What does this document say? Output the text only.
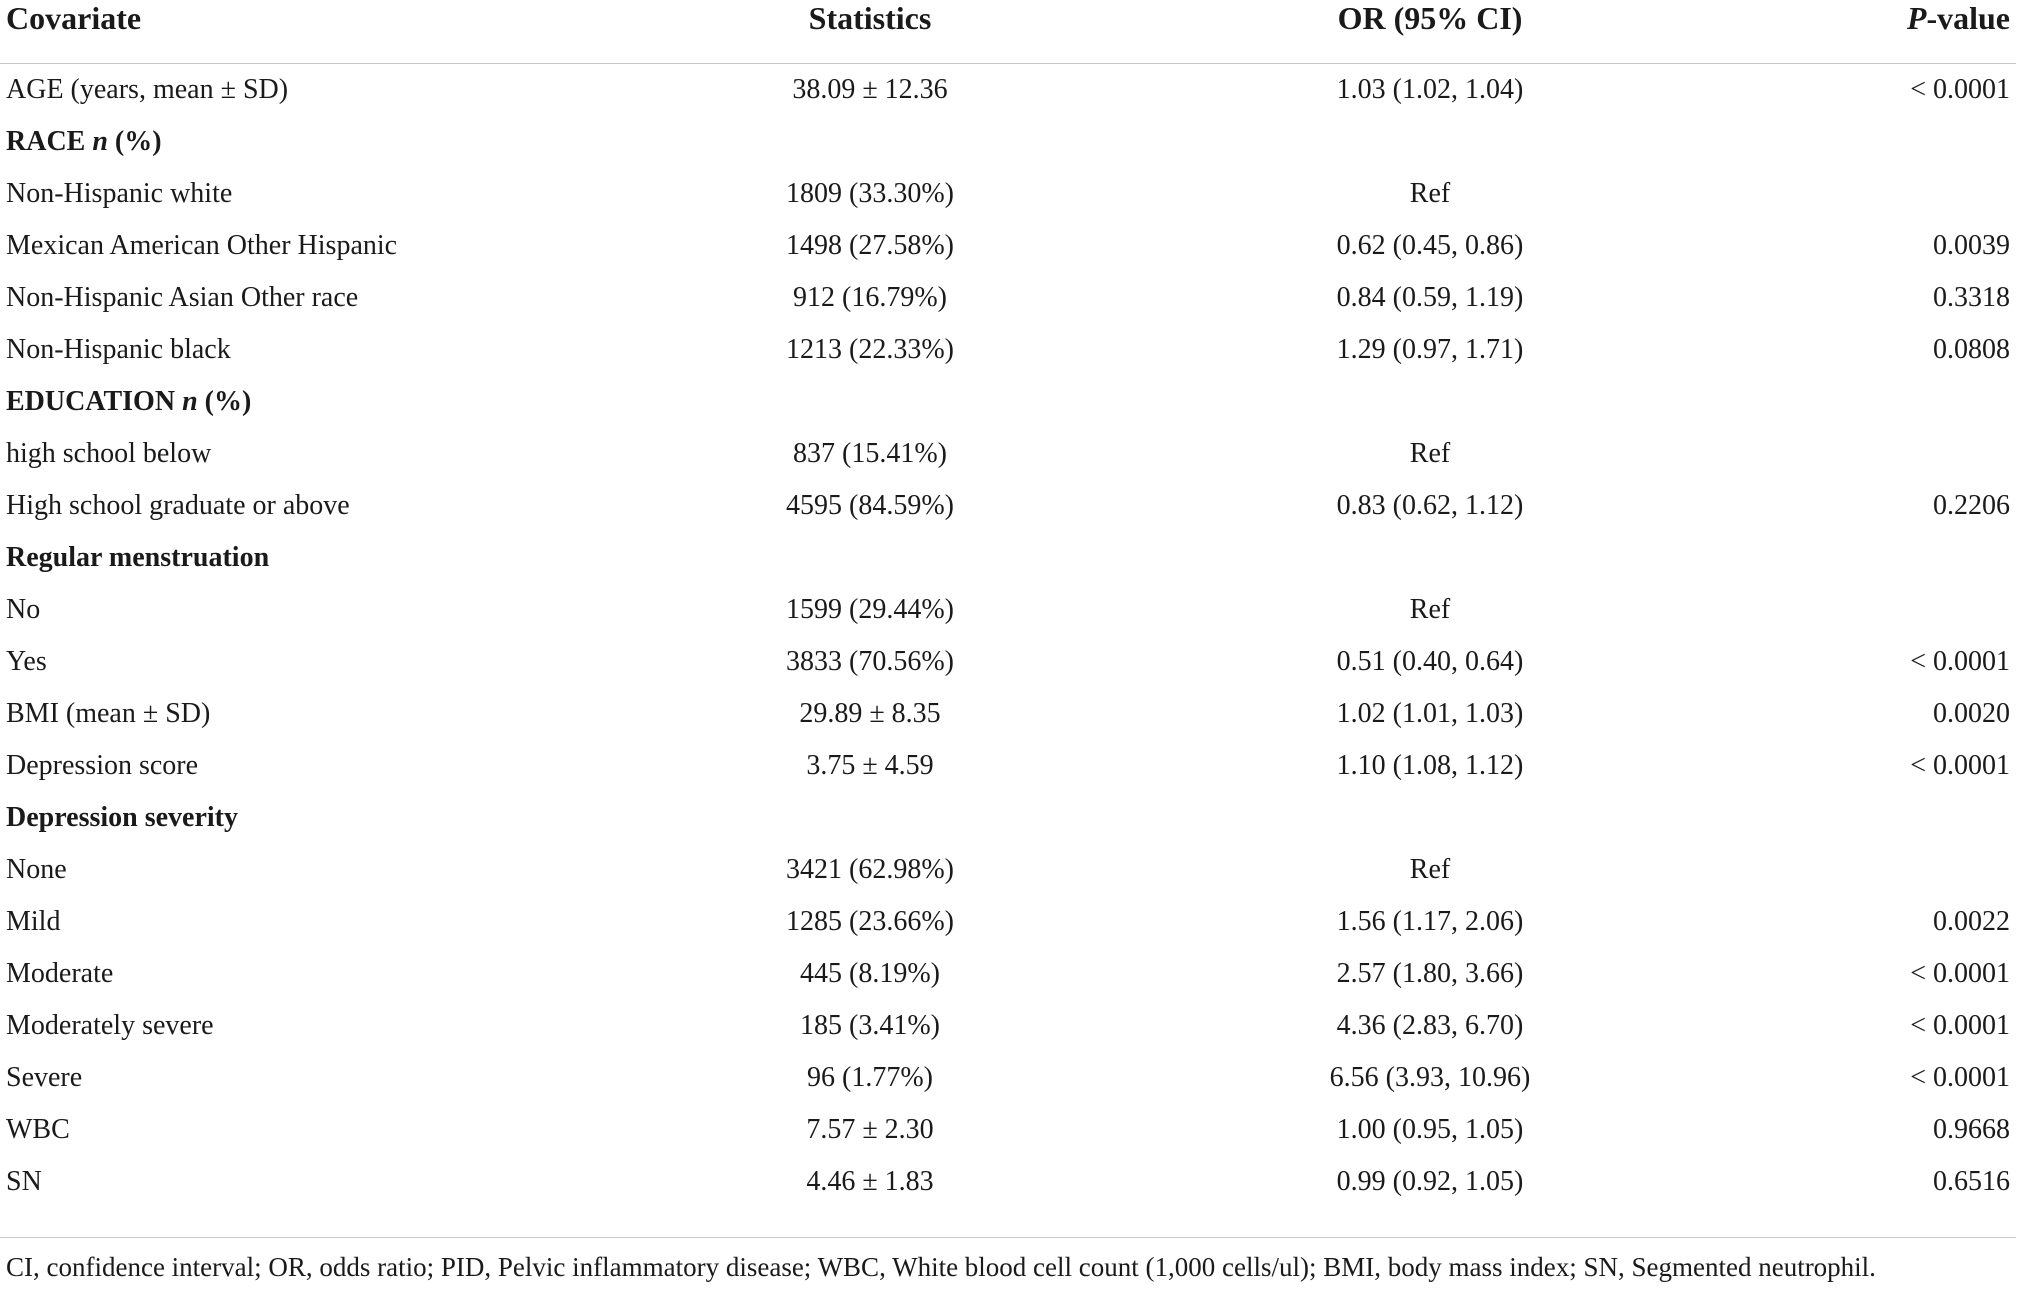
Covariate	Statistics	OR (95% CI)	P-value
AGE (years, mean ± SD)	38.09 ± 12.36	1.03 (1.02, 1.04)	< 0.0001
RACE n (%)			
Non-Hispanic white	1809 (33.30%)	Ref	
Mexican American Other Hispanic	1498 (27.58%)	0.62 (0.45, 0.86)	0.0039
Non-Hispanic Asian Other race	912 (16.79%)	0.84 (0.59, 1.19)	0.3318
Non-Hispanic black	1213 (22.33%)	1.29 (0.97, 1.71)	0.0808
EDUCATION n (%)			
high school below	837 (15.41%)	Ref	
High school graduate or above	4595 (84.59%)	0.83 (0.62, 1.12)	0.2206
Regular menstruation			
No	1599 (29.44%)	Ref	
Yes	3833 (70.56%)	0.51 (0.40, 0.64)	< 0.0001
BMI (mean ± SD)	29.89 ± 8.35	1.02 (1.01, 1.03)	0.0020
Depression score	3.75 ± 4.59	1.10 (1.08, 1.12)	< 0.0001
Depression severity			
None	3421 (62.98%)	Ref	
Mild	1285 (23.66%)	1.56 (1.17, 2.06)	0.0022
Moderate	445 (8.19%)	2.57 (1.80, 3.66)	< 0.0001
Moderately severe	185 (3.41%)	4.36 (2.83, 6.70)	< 0.0001
Severe	96 (1.77%)	6.56 (3.93, 10.96)	< 0.0001
WBC	7.57 ± 2.30	1.00 (0.95, 1.05)	0.9668
SN	4.46 ± 1.83	0.99 (0.92, 1.05)	0.6516
CI, confidence interval; OR, odds ratio; PID, Pelvic inflammatory disease; WBC, White blood cell count (1,000 cells/ul); BMI, body mass index; SN, Segmented neutrophil.
